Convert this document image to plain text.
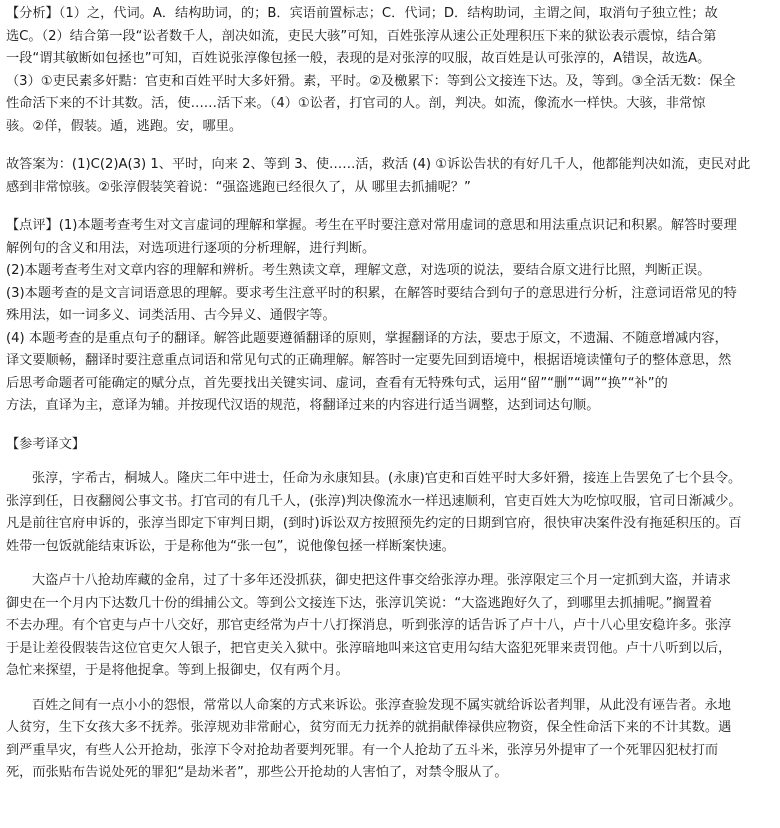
【分析】（1）之，代词。A．结构助词，的；B．宾语前置标志；C．代词；D．结构助词，主谓之间，取消句子独立性；故
选C。（2）结合第一段“讼者数千人，剖决如流，吏民大骇”可知，百姓张淳从速公正处理积压下来的狱讼表示震惊，结合第
一段“谓其敏断如包拯也”可知，百姓说张淳像包拯一般，表现的是对张淳的叹服，故百姓是认可张淳的，A错误，故选A。
（3）①吏民素多奸黠：官吏和百姓平时大多奸猾。素，平时。②及檄累下：等到公文接连下达。及，等到。③全活无数：保全
性命活下来的不计其数。活，使……活下来。（4）①讼者，打官司的人。剖，判决。如流，像流水一样快。大骇，非常惊
骇。②佯，假装。遁，逃跑。安，哪里。
故答案为：(1)C(2)A(3) 1、平时，向来 2、等到 3、使……活，救活 (4) ①诉讼告状的有好几千人，他都能判决如流，吏民对此
感到非常惊骇。②张淳假装笑着说：“强盗逃跑已经很久了，从 哪里去抓捕呢？”
【点评】(1)本题考查考生对文言虚词的理解和掌握。考生在平时要注意对常用虚词的意思和用法重点识记和积累。解答时要理
解例句的含义和用法，对选项进行逐项的分析理解，进行判断。
(2)本题考查考生对文章内容的理解和辨析。考生熟读文章，理解文意，对选项的说法，要结合原文进行比照，判断正误。
(3)本题考查的是文言词语意思的理解。要求考生注意平时的积累，在解答时要结合到句子的意思进行分析，注意词语常见的特
殊用法，如一词多义、词类活用、古今异义、通假字等。
(4) 本题考查的是重点句子的翻译。解答此题要遵循翻译的原则，掌握翻译的方法，要忠于原文，不遗漏、不随意增减内容，
译文要顺畅，翻译时要注意重点词语和常见句式的正确理解。解答时一定要先回到语境中，根据语境读懂句子的整体意思，然
后思考命题者可能确定的赋分点，首先要找出关键实词、虚词，查看有无特殊句式，运用“留”“删”“调”“换”“补”的
方法，直译为主，意译为辅。并按现代汉语的规范，将翻译过来的内容进行适当调整，达到词达句顺。
【参考译文】
张淳，字希古，桐城人。隆庆二年中进士，任命为永康知县。(永康)官吏和百姓平时大多奸猾，接连上告罢免了七个县令。
张淳到任，日夜翻阅公事文书。打官司的有几千人，(张淳)判决像流水一样迅速顺利，官吏百姓大为吃惊叹服，官司日渐减少。
凡是前往官府申诉的，张淳当即定下审判日期，(到时)诉讼双方按照预先约定的日期到官府，很快审决案件没有拖延积压的。百
姓带一包饭就能结束诉讼，于是称他为“张一包”，说他像包拯一样断案快速。
大盗卢十八抢劫库藏的金帛，过了十多年还没抓获，御史把这件事交给张淳办理。张淳限定三个月一定抓到大盗，并请求
御史在一个月内下达数几十份的缉捕公文。等到公文接连下达，张淳讥笑说：“大盗逃跑好久了，到哪里去抓捕呢。”搁置着
不去办理。有个官吏与卢十八交好，那官吏经常为卢十八打探消息，听到张淳的话告诉了卢十八，卢十八心里安稳许多。张淳
于是让差役假装告这位官吏欠人银子，把官吏关入狱中。张淳暗地叫来这官吏用勾结大盗犯死罪来责罚他。卢十八听到以后，
急忙来探望，于是将他捉拿。等到上报御史，仅有两个月。
百姓之间有一点小小的怨恨，常常以人命案的方式来诉讼。张淳查验发现不属实就给诉讼者判罪，从此没有诬告者。永地
人贫穷，生下女孩大多不抚养。张淳规劝非常耐心，贫穷而无力抚养的就捐献俸禄供应物资，保全性命活下来的不计其数。遇
到严重旱灾，有些人公开抢劫，张淳下令对抢劫者要判死罪。有一个人抢劫了五斗米，张淳另外提审了一个死罪囚犯杖打而
死，而张贴布告说处死的罪犯“是劫米者”，那些公开抢劫的人害怕了，对禁令服从了。
